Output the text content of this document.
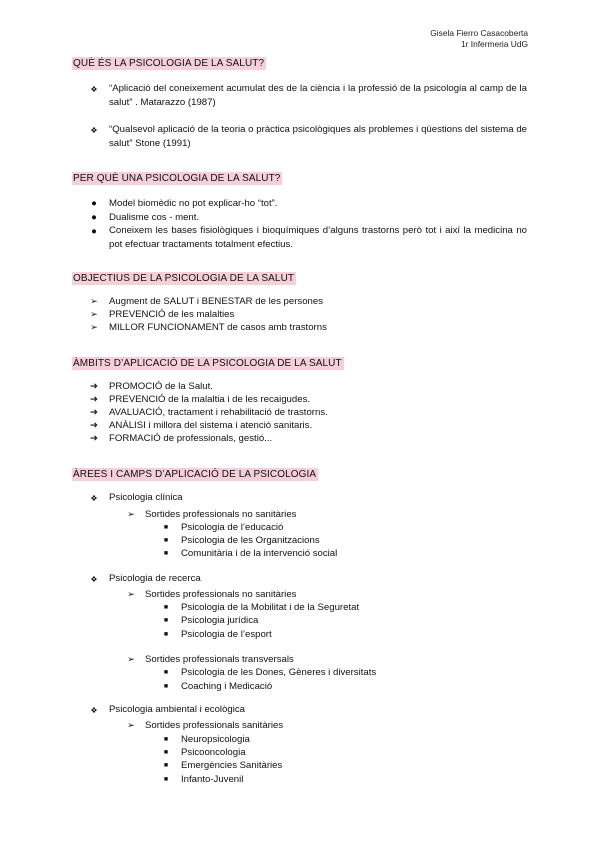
Gisela Fierro Casacoberta
1r Infermeria UdG
QUÈ ÉS LA PSICOLOGIA DE LA SALUT?
❖	“Aplicació del coneixement acumulat des de la ciència i la professió de la psicologia al camp de la salut” . Matarazzo (1987)
❖	“Qualsevol aplicació de la teoria o pràctica psicològiques als problemes i qüestions del sistema de salut” Stone (1991)
PER QUÈ UNA PSICOLOGIA DE LA SALUT?
●	Model biomèdic no pot explicar-ho “tot”.
●	Dualisme cos - ment.
●	Coneixem les bases fisiològiques i bioquímiques d’alguns trastorns però tot i així la medicina no pot efectuar tractaments totalment efectius.
OBJECTIUS DE LA PSICOLOGIA DE LA SALUT
➢	Augment de SALUT i BENESTAR de les persones
➢	PREVENCIÓ de les malalties
➢	MILLOR FUNCIONAMENT de casos amb trastorns
ÀMBITS D’APLICACIÓ DE LA PSICOLOGIA DE LA SALUT
➔	PROMOCIÓ de la Salut.
➔	PREVENCIÓ de la malaltia i de les recaigudes.
➔	AVALUACIÓ, tractament i rehabilitació de trastorns.
➔	ANÀLISI i millora del sistema i atenció sanitaris.
➔	FORMACIÓ de professionals, gestió...
ÀREES I CAMPS D’APLICACIÓ DE LA PSICOLOGIA
❖	Psicologia clínica
➢	Sortides professionals no sanitàries
■	Psicologia de l’educació
■	Psicologia de les Organitzacions
■	Comunitària i de la intervenció social
❖	Psicologia de recerca
➢	Sortides professionals no sanitàries
■	Psicologia de la Mobilitat i de la Seguretat
■	Psicologia jurídica
■	Psicologia de l’esport
➢	Sortides professionals transversals
■	Psicologia de les Dones, Gèneres i diversitats
■	Coaching i Medicació
❖	Psicologia ambiental i ecològica
➢	Sortides professionals sanitàries
■	Neuropsicologia
■	Psicooncologia
■	Emergències Sanitàries
■	Infanto-Juvenil
